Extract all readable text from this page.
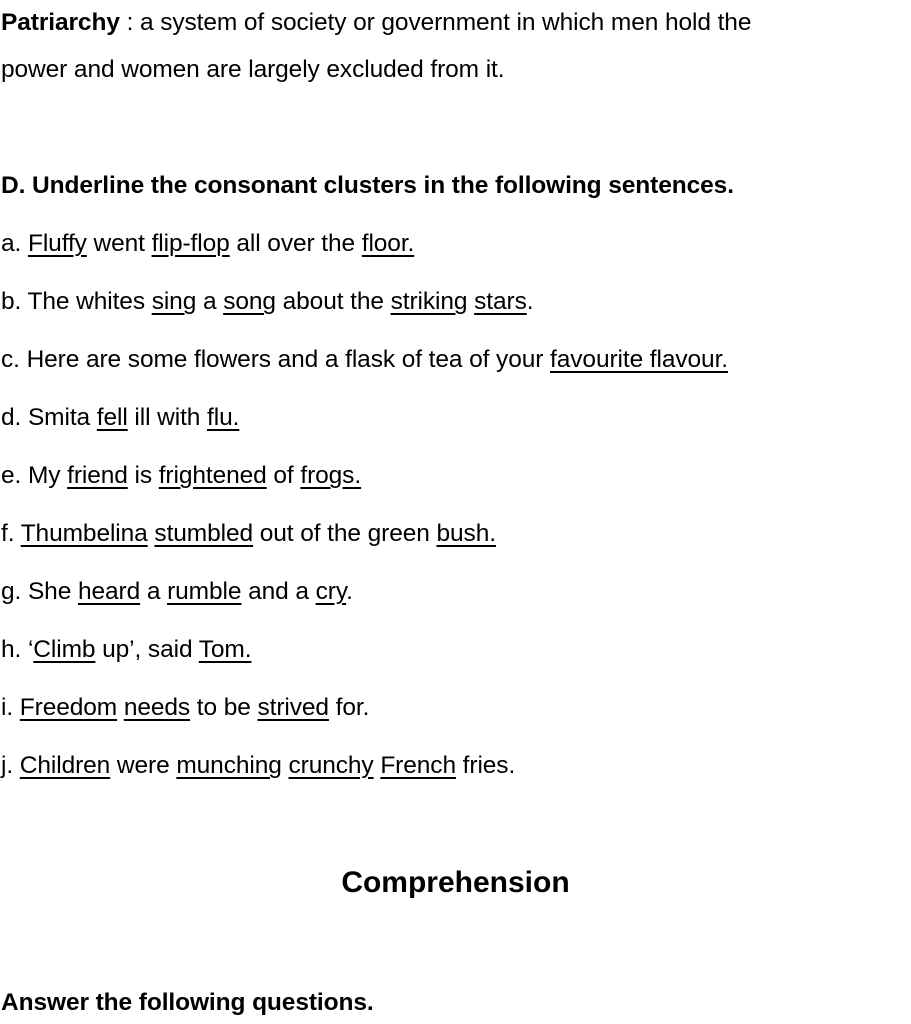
Patriarchy : a system of society or government in which men hold the
power and women are largely excluded from it.
D. Underline the consonant clusters in the following sentences.
a. Fluffy went flip-flop all over the floor.
b. The whites sing a song about the striking stars.
c. Here are some flowers and a flask of tea of your favourite flavour.
d. Smita fell ill with flu.
e. My friend is frightened of frogs.
f. Thumbelina stumbled out of the green bush.
g. She heard a rumble and a cry.
h. ‘Climb up’, said Tom.
i. Freedom needs to be strived for.
j. Children were munching crunchy French fries.
Comprehension
Answer the following questions.
